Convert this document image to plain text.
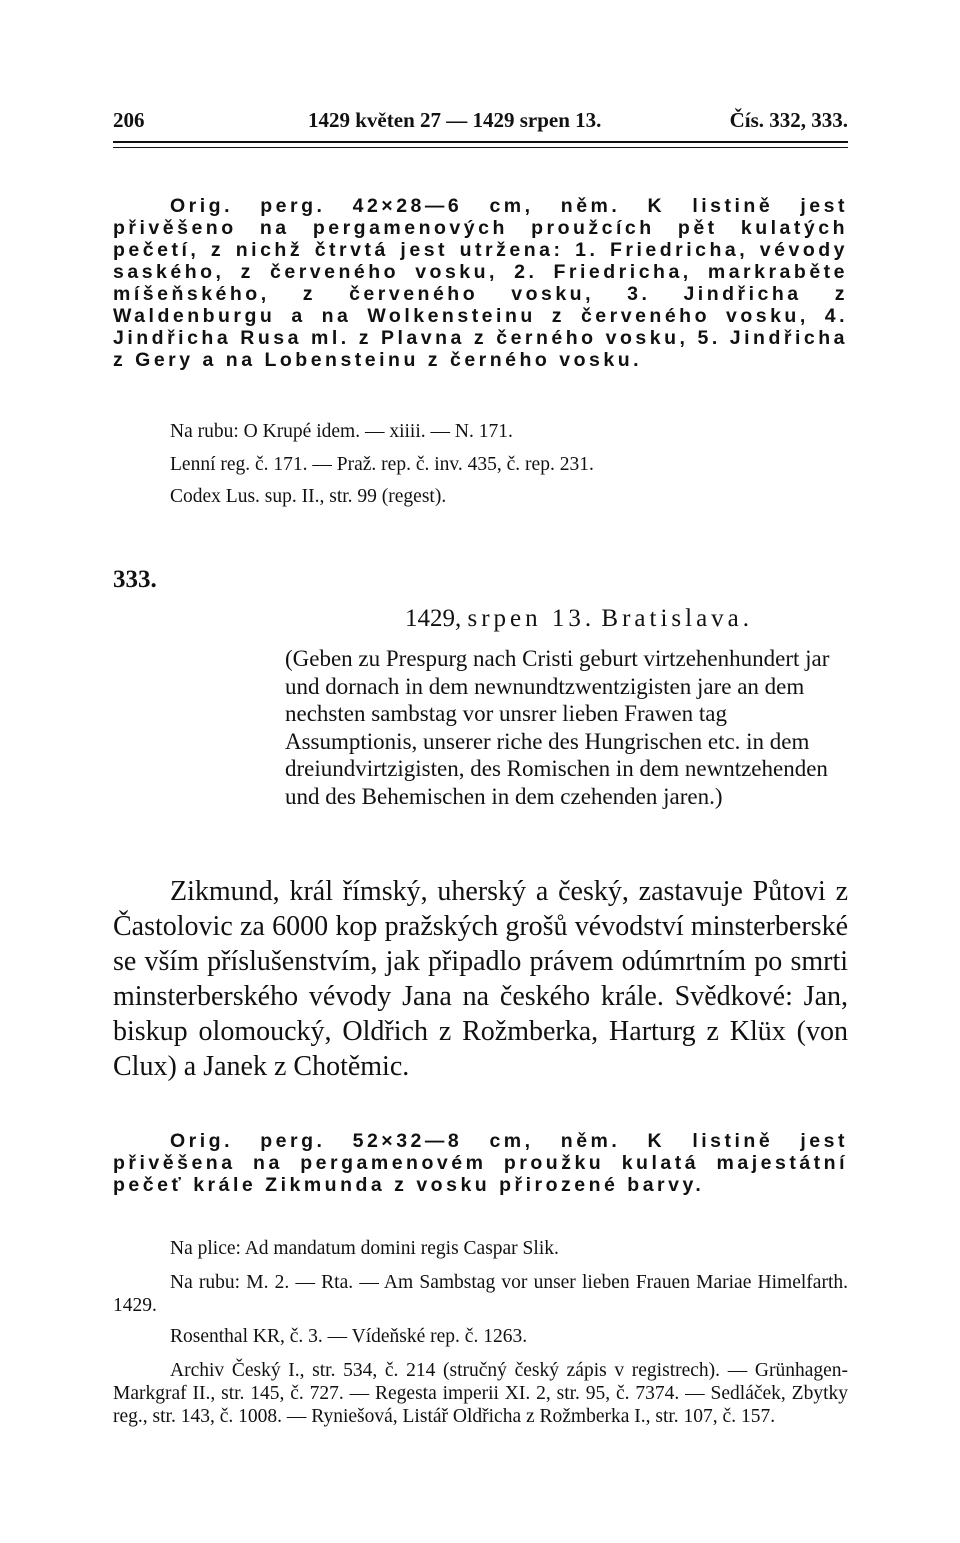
206	1429 květen 27 — 1429 srpen 13.	Čís. 332, 333.

Orig. perg. 42×28—6 cm, něm. K listině jest přivěšeno na pergamenových proužcích pět kulatých pečetí, z nichž čtrvtá jest utržena: 1. Friedricha, vévody saského, z červeného vosku, 2. Friedricha, markraběte míšeňského, z červeného vosku, 3. Jindřicha z Waldenburgu a na Wolkensteinu z červeného vosku, 4. Jindřicha Rusa ml. z Plavna z černého vosku, 5. Jindřicha z Gery a na Lobensteinu z černého vosku.

Na rubu: O Krupé idem. — xiiii. — N. 171.

Lenní reg. č. 171. — Praž. rep. č. inv. 435, č. rep. 231.

Codex Lus. sup. II., str. 99 (regest).

333.
1429, srpen 13. Bratislava.

(Geben zu Prespurg nach Cristi geburt virtzehenhundert jar und dornach in dem newnundtzwentzigisten jare an dem nechsten sambstag vor unsrer lieben Frawen tag Assumptionis, unserer riche des Hungrischen etc. in dem dreiundvirtzigisten, des Romischen in dem newntzehenden und des Behemischen in dem czehenden jaren.)

Zikmund, král římský, uherský a český, zastavuje Půtovi z Častolovic za 6000 kop pražských grošů vévodství minsterberské se vším příslušenstvím, jak připadlo právem odúmrtním po smrti minsterberského vévody Jana na českého krále. Svědkové: Jan, biskup olomoucký, Oldřich z Rožmberka, Harturg z Klüx (von Clux) a Janek z Chotěmic.

Orig. perg. 52×32—8 cm, něm. K listině jest přivěšena na pergamenovém proužku kulatá majestátní pečeť krále Zikmunda z vosku přirozené barvy.

Na plice: Ad mandatum domini regis Caspar Slik.

Na rubu: M. 2. — Rta. — Am Sambstag vor unser lieben Frauen Mariae Himelfarth. 1429.

Rosenthal KR, č. 3. — Vídeňské rep. č. 1263.

Archiv Český I., str. 534, č. 214 (stručný český zápis v registrech). — Grünhagen-Markgraf II., str. 145, č. 727. — Regesta imperii XI. 2, str. 95, č. 7374. — Sedláček, Zbytky reg., str. 143, č. 1008. — Ryniešová, Listář Oldřicha z Rožmberka I., str. 107, č. 157.
